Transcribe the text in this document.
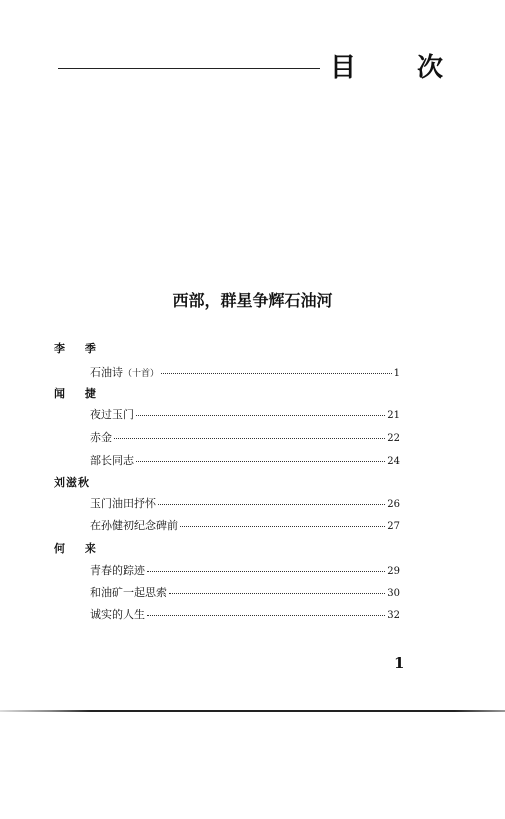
目 次
西部，群星争辉石油河
李 季
石油诗（十首）	1
闻 捷
夜过玉门	21
赤金	22
部长同志	24
刘滋秋
玉门油田抒怀	26
在孙健初纪念碑前	27
何 来
青春的踪迹	29
和油矿一起思索	30
诚实的人生	32
1
